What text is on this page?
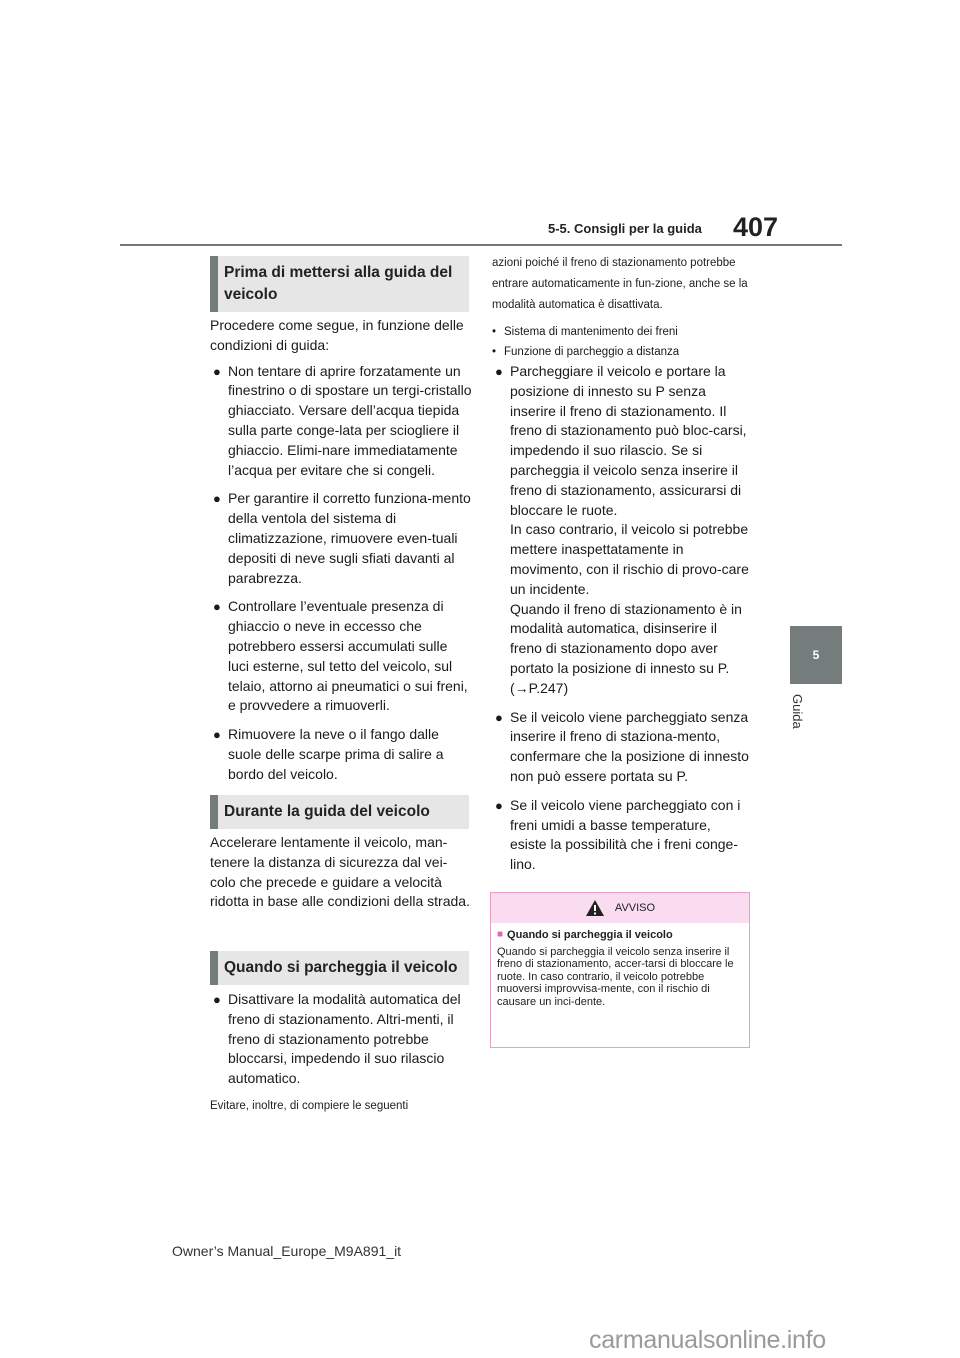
407
5-5. Consigli per la guida
5
Guida
Prima di mettersi alla guida del veicolo

Procedere come segue, in funzione delle condizioni di guida:

● Non tentare di aprire forzatamente un finestrino o di spostare un tergi-cristallo ghiacciato. Versare dell’acqua tiepida sulla parte conge-lata per sciogliere il ghiaccio. Elimi-nare immediatamente l’acqua per evitare che si congeli.
● Per garantire il corretto funziona-mento della ventola del sistema di climatizzazione, rimuovere even-tuali depositi di neve sugli sfiati davanti al parabrezza.
● Controllare l’eventuale presenza di ghiaccio o neve in eccesso che potrebbero essersi accumulati sulle luci esterne, sul tetto del veicolo, sul telaio, attorno ai pneumatici o sui freni, e provvedere a rimuoverli.
● Rimuovere la neve o il fango dalle suole delle scarpe prima di salire a bordo del veicolo.
Durante la guida del veicolo

Accelerare lentamente il veicolo, man-tenere la distanza di sicurezza dal vei-colo che precede e guidare a velocità ridotta in base alle condizioni della strada.

Quando si parcheggia il veicolo
● Disattivare la modalità automatica del freno di stazionamento. Altri-menti, il freno di stazionamento potrebbe bloccarsi, impedendo il suo rilascio automatico.
Evitare, inoltre, di compiere le seguenti
azioni poiché il freno di stazionamento potrebbe entrare automaticamente in fun-zione, anche se la modalità automatica è disattivata.
• Sistema di mantenimento dei freni
• Funzione di parcheggio a distanza
● Parcheggiare il veicolo e portare la posizione di innesto su P senza inserire il freno di stazionamento. Il freno di stazionamento può bloc-carsi, impedendo il suo rilascio. Se si parcheggia il veicolo senza inserire il freno di stazionamento, assicurarsi di bloccare le ruote.
In caso contrario, il veicolo si potrebbe mettere inaspettatamente in movimento, con il rischio di provo-care un incidente.
Quando il freno di stazionamento è in modalità automatica, disinserire il freno di stazionamento dopo aver portato la posizione di innesto su P. (→P.247)
● Se il veicolo viene parcheggiato senza inserire il freno di staziona-mento, confermare che la posizione di innesto non può essere portata su P.
● Se il veicolo viene parcheggiato con i freni umidi a basse temperature, esiste la possibilità che i freni conge-lino.
AVVISO
■ Quando si parcheggia il veicolo
Quando si parcheggia il veicolo senza inserire il freno di stazionamento, accer-tarsi di bloccare le ruote. In caso contrario, il veicolo potrebbe muoversi improvvisa-mente, con il rischio di causare un inci-dente.
Owner’s Manual_Europe_M9A891_it
carmanualsonline.info
